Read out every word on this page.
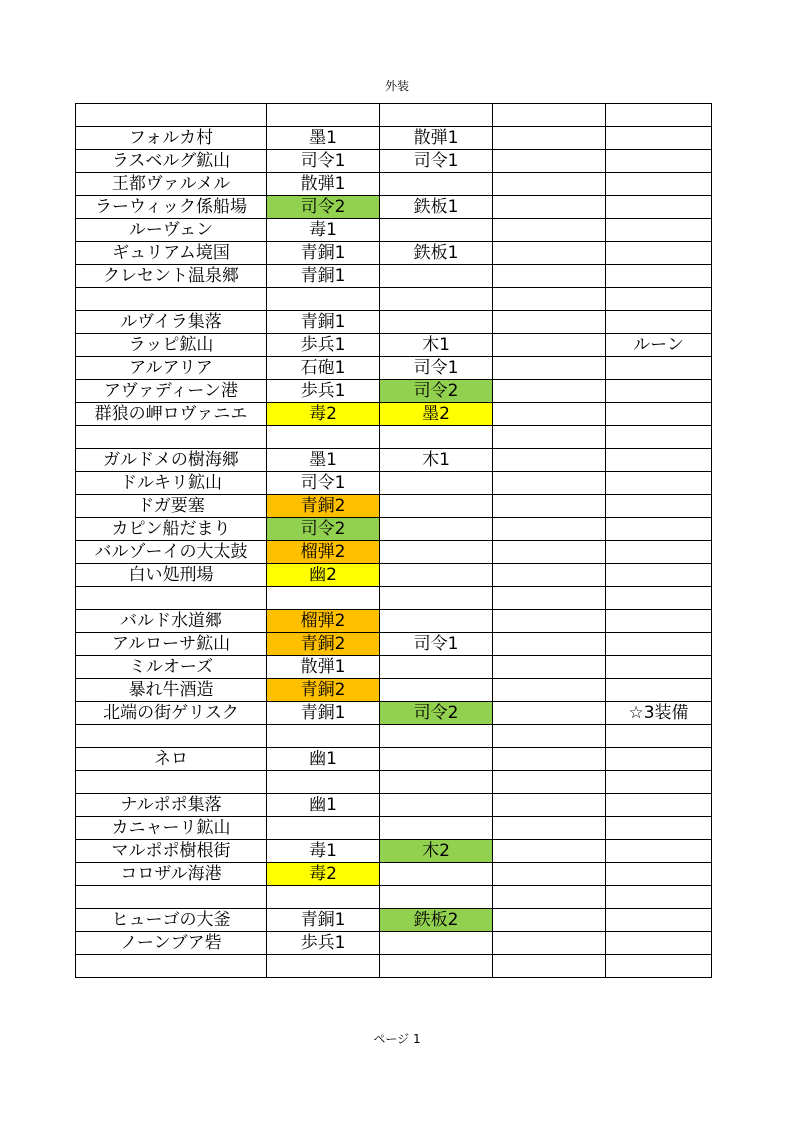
外装

フォルカ村	墨1	散弾1		
ラスベルグ鉱山	司令1	司令1		
王都ヴァルメル	散弾1			
ラーウィック係船場	司令2	鉄板1		
ルーヴェン	毒1			
ギュリアム境国	青銅1	鉄板1		
クレセント温泉郷	青銅1			

ルヴイラ集落	青銅1			
ラッピ鉱山	歩兵1	木1		ルーン
アルアリア	石砲1	司令1		
アヴァディーン港	歩兵1	司令2		
群狼の岬ロヴァニエ	毒2	墨2		

ガルドメの樹海郷	墨1	木1		
ドルキリ鉱山	司令1			
ドガ要塞	青銅2			
カピン船だまり	司令2			
バルゾーイの大太鼓	榴弾2			
白い処刑場	幽2			

バルド水道郷	榴弾2			
アルローサ鉱山	青銅2	司令1		
ミルオーズ	散弾1			
暴れ牛酒造	青銅2			
北端の街ゲリスク	青銅1	司令2		☆3装備

ネロ	幽1			

ナルポポ集落	幽1			
カニャーリ鉱山				
マルポポ樹根街	毒1	木2		
コロザル海港	毒2			

ヒューゴの大釜	青銅1	鉄板2		
ノーンブア砦	歩兵1			

ページ 1
